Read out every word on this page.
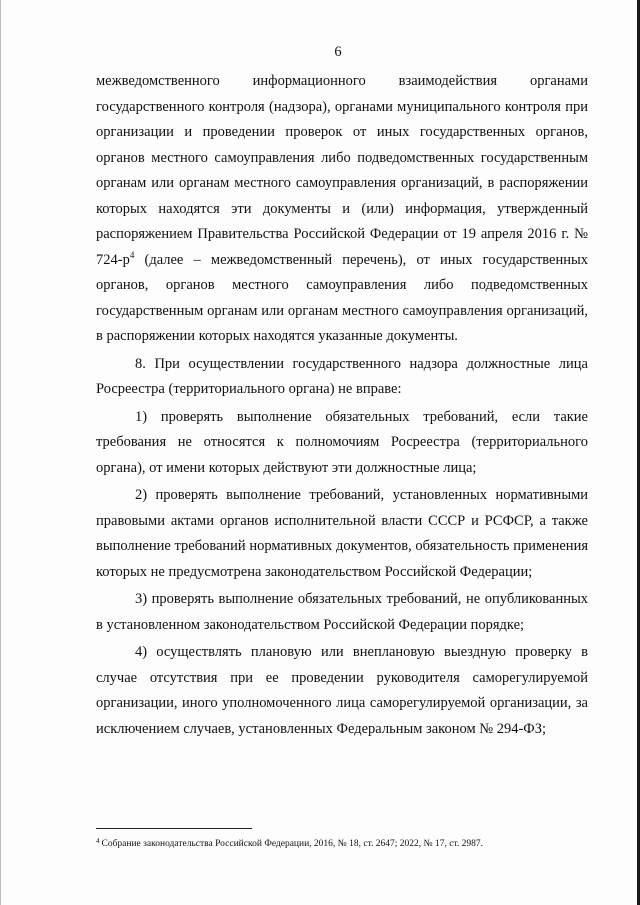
6

межведомственного информационного взаимодействия органами государственного контроля (надзора), органами муниципального контроля при организации и проведении проверок от иных государственных органов, органов местного самоуправления либо подведомственных государственным органам или органам местного самоуправления организаций, в распоряжении которых находятся эти документы и (или) информация, утвержденный распоряжением Правительства Российской Федерации от 19 апреля 2016 г. № $724-р^4$ (далее – межведомственный перечень), от иных государственных органов, органов местного самоуправления либо подведомственных государственным органам или органам местного самоуправления организаций, в распоряжении которых находятся указанные документы.

8. При осуществлении государственного надзора должностные лица Росреестра (территориального органа) не вправе:

1) проверять выполнение обязательных требований, если такие требования не относятся к полномочиям Росреестра (территориального органа), от имени которых действуют эти должностные лица;

2) проверять выполнение требований, установленных нормативными правовыми актами органов исполнительной власти СССР и РСФСР, а также выполнение требований нормативных документов, обязательность применения которых не предусмотрена законодательством Российской Федерации;

3) проверять выполнение обязательных требований, не опубликованных в установленном законодательством Российской Федерации порядке;

4) осуществлять плановую или внеплановую выездную проверку в случае отсутствия при ее проведении руководителя саморегулируемой организации, иного уполномоченного лица саморегулируемой организации, за исключением случаев, установленных Федеральным законом № 294-ФЗ;

$^4$ Собрание законодательства Российской Федерации, 2016, № 18, ст. 2647; 2022, № 17, ст. 2987.
